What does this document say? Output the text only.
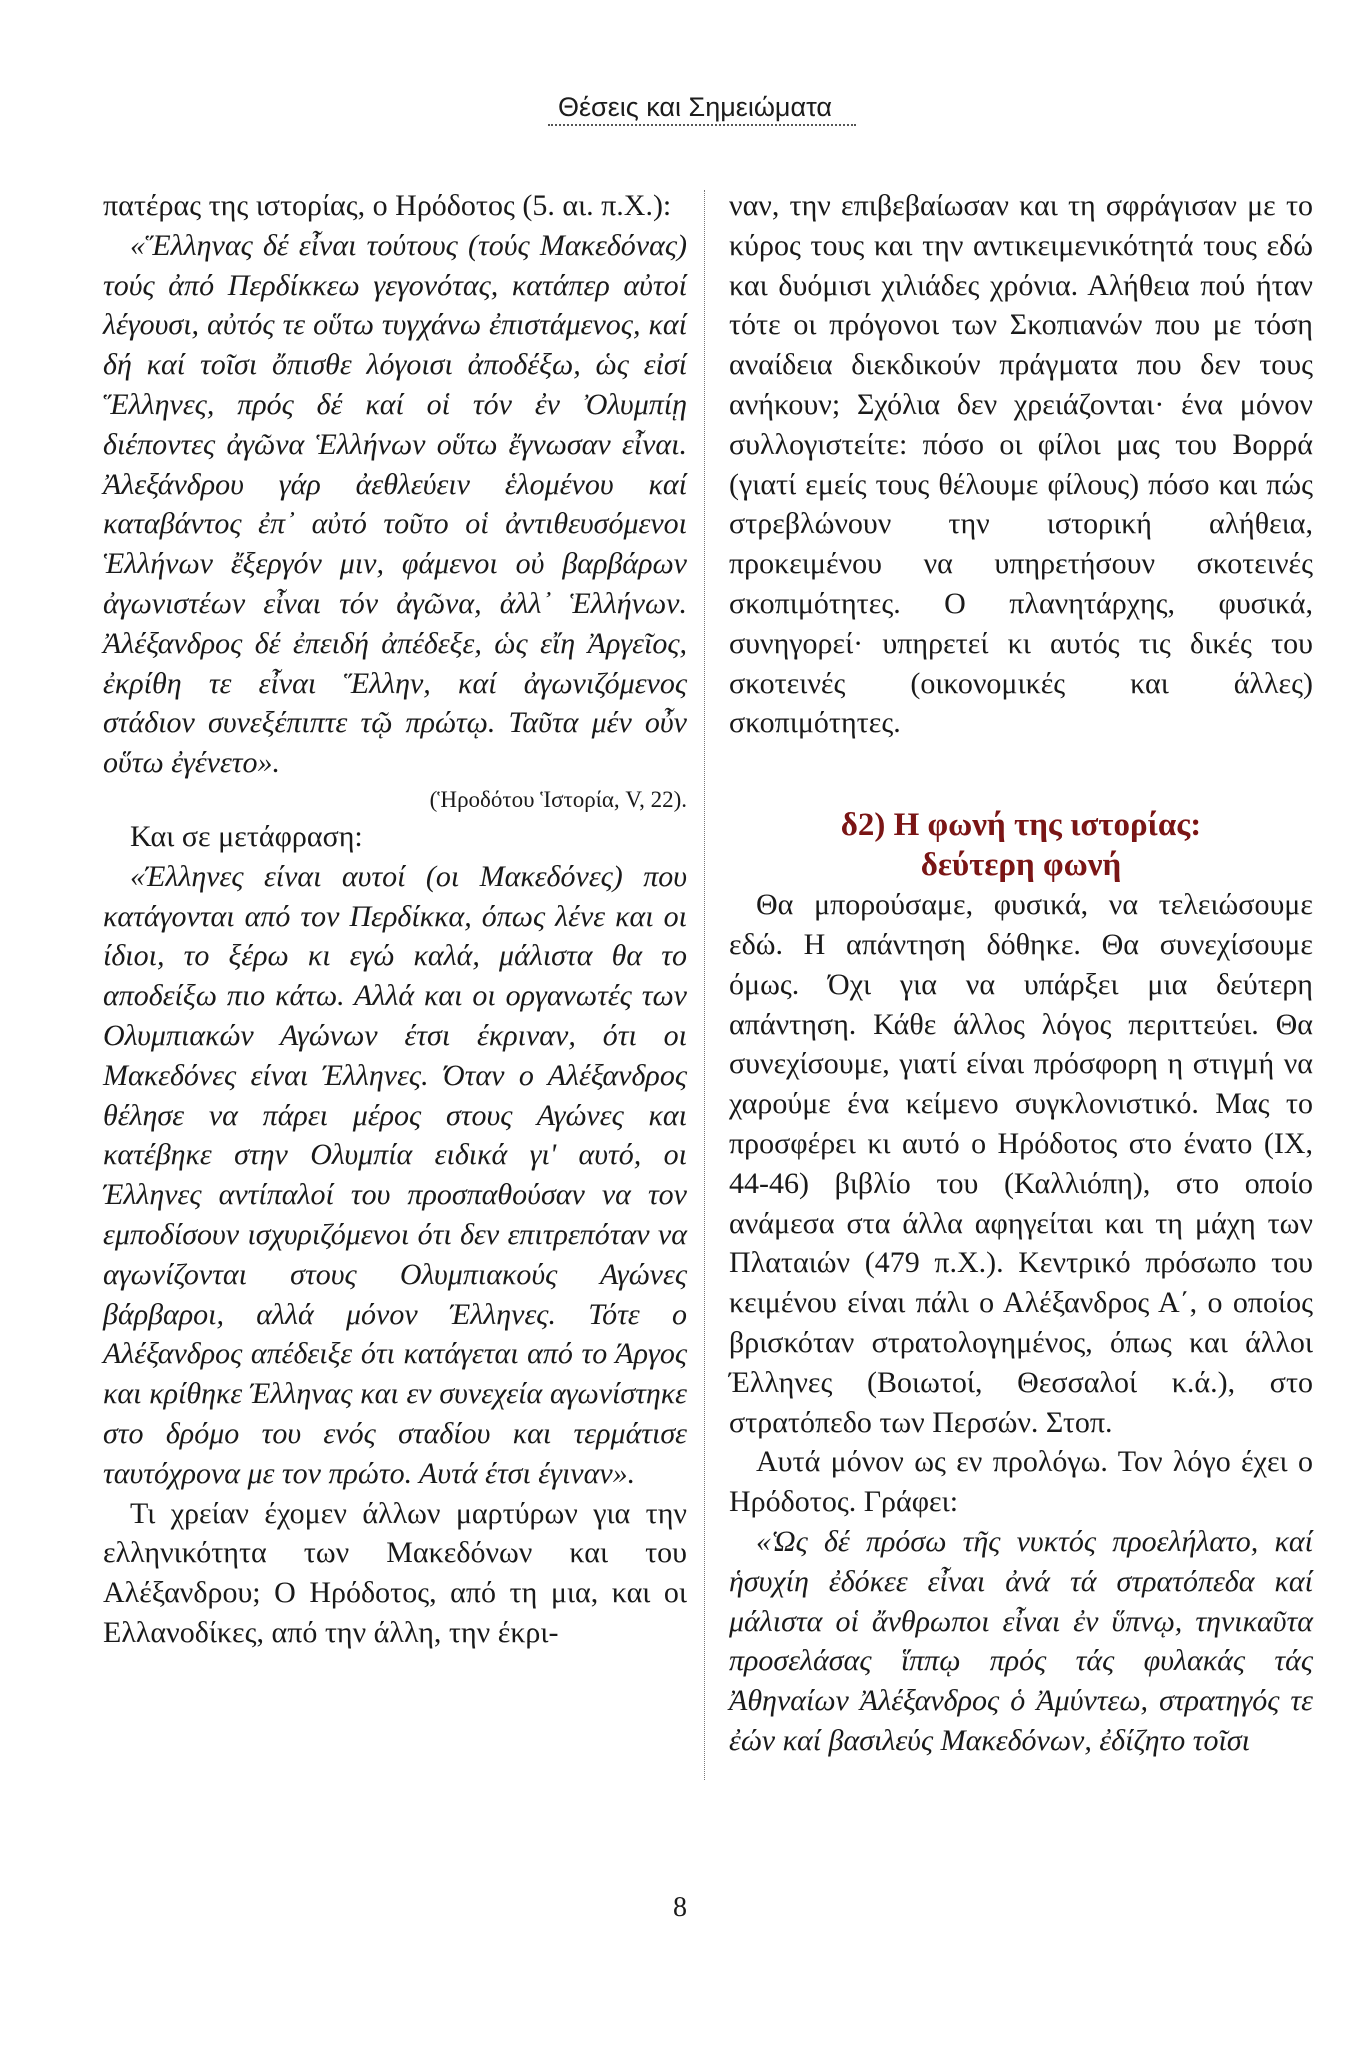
Θέσεις και Σημειώματα

πατέρας της ιστορίας, ο Ηρόδοτος (5. αι. π.Χ.):

«Ἕλληνας δέ εἶναι τούτους (τούς Μακεδόνας) τούς ἀπό Περδίκκεω γεγονότας, κατάπερ αὐτοί λέγουσι, αὐτός τε οὕτω τυγχάνω ἐπιστάμενος, καί δή καί τοῖσι ὄπισθε λόγοισι ἀποδέξω, ὡς εἰσί Ἕλληνες, πρός δέ καί οἱ τόν ἐν Ὀλυμπίῃ διέποντες ἀγῶνα Ἑλλήνων οὕτω ἔγνωσαν εἶναι. Ἀλεξάνδρου γάρ ἀεθλεύειν ἑλομένου καί καταβάντος ἐπ᾽ αὐτό τοῦτο οἱ ἀντιθευσόμενοι Ἑλλήνων ἔξεργόν μιν, φάμενοι οὐ βαρβάρων ἀγωνιστέων εἶναι τόν ἀγῶνα, ἀλλ᾽ Ἑλλήνων. Ἀλέξανδρος δέ ἐπειδή ἀπέδεξε, ὡς εἴη Ἀργεῖος, ἐκρίθη τε εἶναι Ἕλλην, καί ἀγωνιζόμενος στάδιον συνεξέπιπτε τῷ πρώτῳ. Ταῦτα μέν οὖν οὕτω ἐγένετο».

(Ἡροδότου Ἱστορία, V, 22).

Και σε μετάφραση:

«Έλληνες είναι αυτοί (οι Μακεδόνες) που κατάγονται από τον Περδίκκα, όπως λένε και οι ίδιοι, το ξέρω κι εγώ καλά, μάλιστα θα το αποδείξω πιο κάτω. Αλλά και οι οργανωτές των Ολυμπιακών Αγώνων έτσι έκριναν, ότι οι Μακεδόνες είναι Έλληνες. Όταν ο Αλέξανδρος θέλησε να πάρει μέρος στους Αγώνες και κατέβηκε στην Ολυμπία ειδικά γι' αυτό, οι Έλληνες αντίπαλοί του προσπαθούσαν να τον εμποδίσουν ισχυριζόμενοι ότι δεν επιτρεπόταν να αγωνίζονται στους Ολυμπιακούς Αγώνες βάρβαροι, αλλά μόνον Έλληνες. Τότε ο Αλέξανδρος απέδειξε ότι κατάγεται από το Άργος και κρίθηκε Έλληνας και εν συνεχεία αγωνίστηκε στο δρόμο του ενός σταδίου και τερμάτισε ταυτόχρονα με τον πρώτο. Αυτά έτσι έγιναν».

Τι χρείαν έχομεν άλλων μαρτύρων για την ελληνικότητα των Μακεδόνων και του Αλέξανδρου; Ο Ηρόδοτος, από τη μια, και οι Ελλανοδίκες, από την άλλη, την έκρι-

ναν, την επιβεβαίωσαν και τη σφράγισαν με το κύρος τους και την αντικειμενικότητά τους εδώ και δυόμισι χιλιάδες χρόνια. Αλήθεια πού ήταν τότε οι πρόγονοι των Σκοπιανών που με τόση αναίδεια διεκδικούν πράγματα που δεν τους ανήκουν; Σχόλια δεν χρειάζονται· ένα μόνον συλλογιστείτε: πόσο οι φίλοι μας του Βορρά (γιατί εμείς τους θέλουμε φίλους) πόσο και πώς στρεβλώνουν την ιστορική αλήθεια, προκειμένου να υπηρετήσουν σκοτεινές σκοπιμότητες. Ο πλανητάρχης, φυσικά, συνηγορεί· υπηρετεί κι αυτός τις δικές του σκοτεινές (οικονομικές και άλλες) σκοπιμότητες.

δ2) Η φωνή της ιστορίας:
δεύτερη φωνή

Θα μπορούσαμε, φυσικά, να τελειώσουμε εδώ. Η απάντηση δόθηκε. Θα συνεχίσουμε όμως. Όχι για να υπάρξει μια δεύτερη απάντηση. Κάθε άλλος λόγος περιττεύει. Θα συνεχίσουμε, γιατί είναι πρόσφορη η στιγμή να χαρούμε ένα κείμενο συγκλονιστικό. Μας το προσφέρει κι αυτό ο Ηρόδοτος στο ένατο (IX, 44-46) βιβλίο του (Καλλιόπη), στο οποίο ανάμεσα στα άλλα αφηγείται και τη μάχη των Πλαταιών (479 π.Χ.). Κεντρικό πρόσωπο του κειμένου είναι πάλι ο Αλέξανδρος Α΄, ο οποίος βρισκόταν στρατολογημένος, όπως και άλλοι Έλληνες (Βοιωτοί, Θεσσαλοί κ.ά.), στο στρατόπεδο των Περσών. Στοπ.

Αυτά μόνον ως εν προλόγω. Τον λόγο έχει ο Ηρόδοτος. Γράφει:

«Ὡς δέ πρόσω τῆς νυκτός προελήλατο, καί ἡσυχίη ἐδόκεε εἶναι ἀνά τά στρατόπεδα καί μάλιστα οἱ ἄνθρωποι εἶναι ἐν ὕπνῳ, τηνικαῦτα προσελάσας ἵππῳ πρός τάς φυλακάς τάς Ἀθηναίων Ἀλέξανδρος ὁ Ἀμύντεω, στρατηγός τε ἐών καί βασιλεύς Μακεδόνων, ἐδίζητο τοῖσι

8
